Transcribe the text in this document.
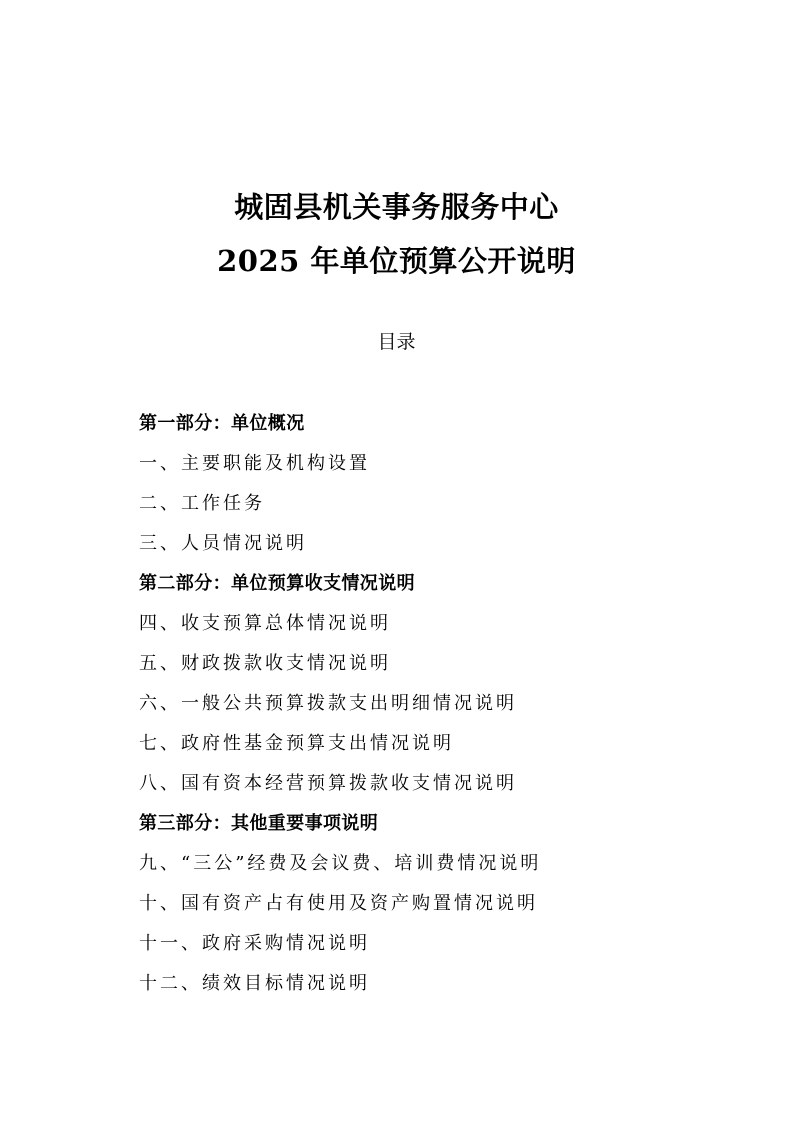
城固县机关事务服务中心
2025 年单位预算公开说明
目录
第一部分：单位概况
一、主要职能及机构设置
二、工作任务
三、人员情况说明
第二部分：单位预算收支情况说明
四、收支预算总体情况说明
五、财政拨款收支情况说明
六、一般公共预算拨款支出明细情况说明
七、政府性基金预算支出情况说明
八、国有资本经营预算拨款收支情况说明
第三部分：其他重要事项说明
九、“三公”经费及会议费、培训费情况说明
十、国有资产占有使用及资产购置情况说明
十一、政府采购情况说明
十二、绩效目标情况说明
